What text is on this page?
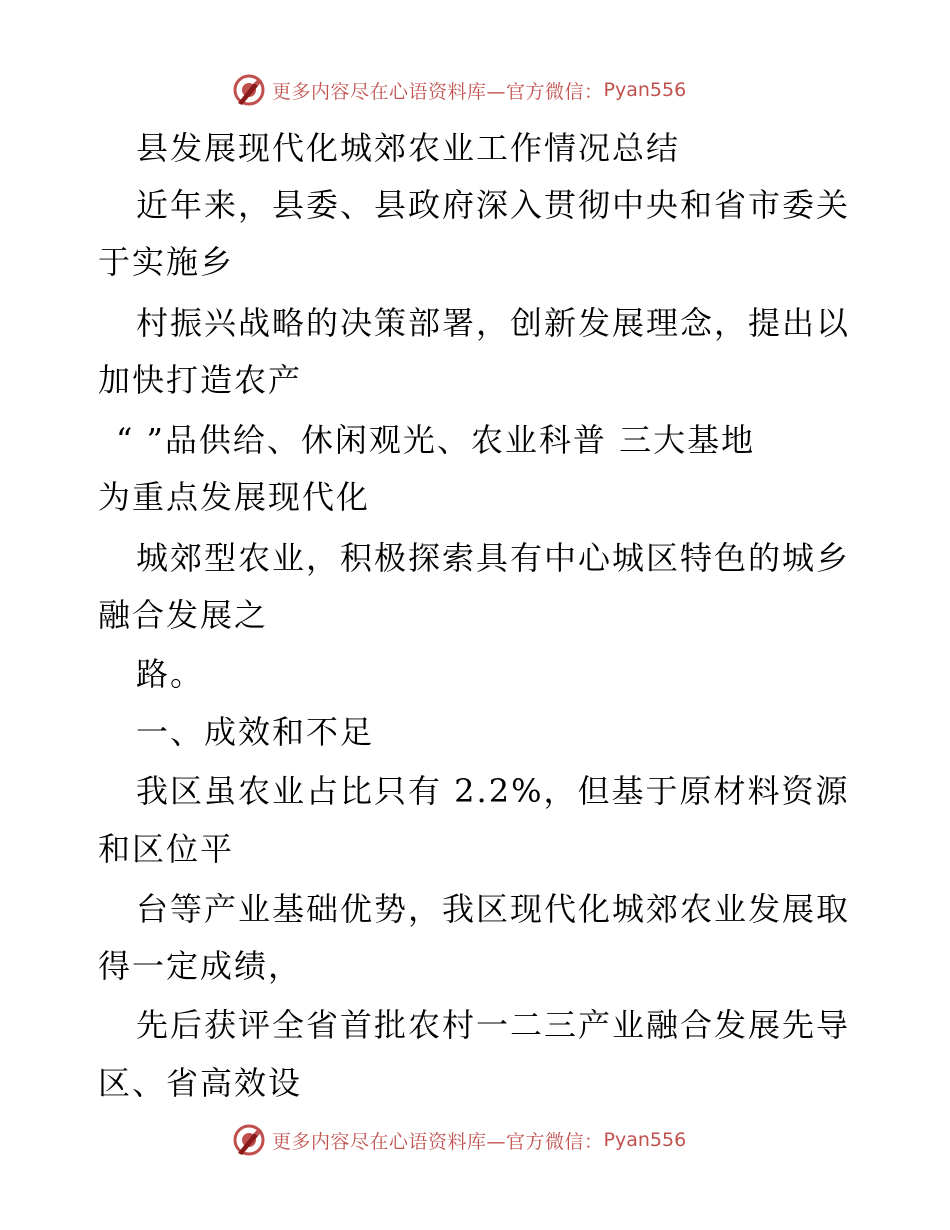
更多内容尽在心语资料库—官方微信： Pyan556
县发展现代化城郊农业工作情况总结
近年来，县委、县政府深入贯彻中央和省市委关
于实施乡
村振兴战略的决策部署，创新发展理念，提出以
加快打造农产
“ ”品供给、休闲观光、农业科普 三大基地
为重点发展现代化
城郊型农业，积极探索具有中心城区特色的城乡
融合发展之
路。
一、成效和不足
我区虽农业占比只有 2.2%，但基于原材料资源
和区位平
台等产业基础优势，我区现代化城郊农业发展取
得一定成绩，
先后获评全省首批农村一二三产业融合发展先导
区、省高效设
更多内容尽在心语资料库—官方微信： Pyan556
